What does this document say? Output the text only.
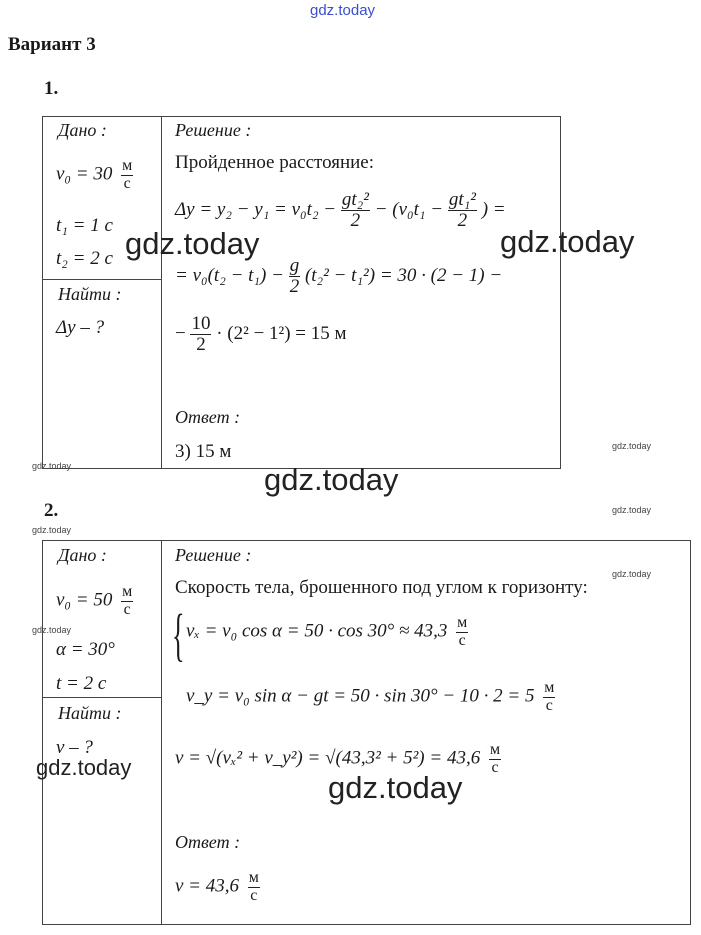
gdz.today
Вариант 3
1.
Дано :
$v_0 = 30 \frac{м}{с}$
t₁ = 1 с
t₂ = 2 с
Найти :
Δy – ?
Решение :
Пройденное расстояние:
$\Delta y = y_2 - y_1 = v_0t_2 - \frac{\text{gt₂²}}{2} - (v_0t_1 - \frac{\text{gt₁²}}{2}$ ) =
= $v_0(t_2 - t_1) - \frac{g}{2} (t_2^2 - t_1^2) = 30 \cdot (2 - 1)$ −
− $\frac{10}{2} \cdot (2^2 - 1^2) = 15$ м
Ответ :
3) 15 м
2.
Дано :
$v_0 = 50 \frac{м}{с}$
α = 30°
t = 2 с
Найти :
v – ?
Решение :
Скорость тела, брошенного под углом к горизонту:
{ vₓ = v₀ $\cos \alpha = 50 \cdot \cos 30^\circ \approx 43,3 \frac{м}{с}$
v_y = v₀ sin α − gt = $50 \cdot \sin 30^\circ - 10 \cdot 2 = 5 \frac{м}{с}$
v = √(vₓ² + v_y²) = $√(43,3^2 + 5^2) = 43,6 \frac{м}{с}$
Ответ :
$v = 43,6 \frac{м}{с}$
gdz.today	gdz.today
gdz.today
gdz.today
gdz.today
gdz.today
gdz.today
gdz.today
gdz.today
gdz.today
gdz.today
